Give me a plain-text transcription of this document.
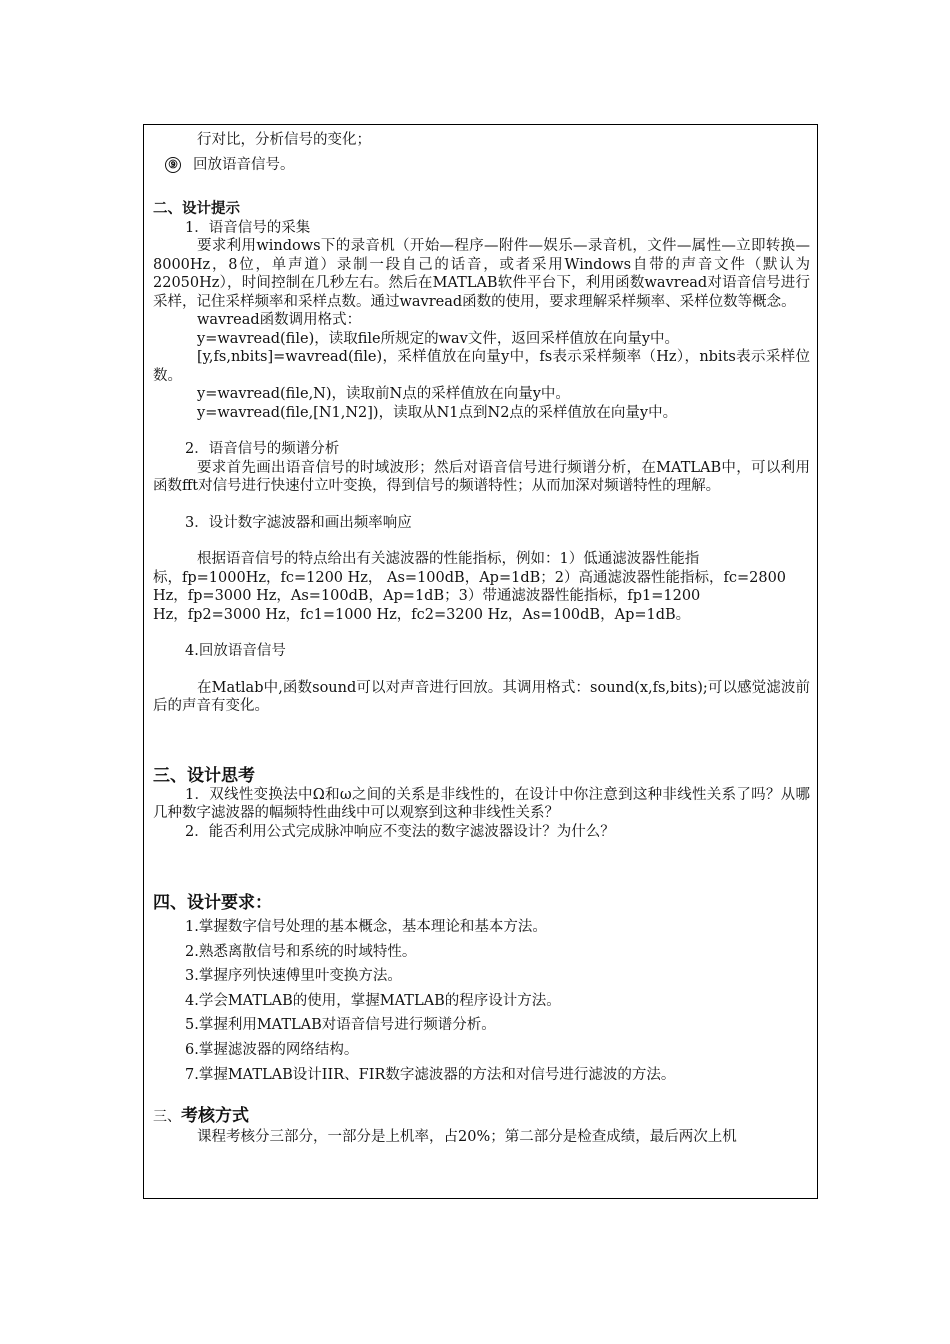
行对比，分析信号的变化；

⑨ 回放语音信号。

二、设计提示

1．语音信号的采集

要求利用windows下的录音机（开始—程序—附件—娱乐—录音机，文件—属性—立即转换—8000Hz，8位，单声道）录制一段自己的话音，或者采用Windows自带的声音文件（默认为22050Hz），时间控制在几秒左右。然后在MATLAB软件平台下，利用函数wavread对语音信号进行采样，记住采样频率和采样点数。通过wavread函数的使用，要求理解采样频率、采样位数等概念。

wavread函数调用格式：

y=wavread(file)，读取file所规定的wav文件，返回采样值放在向量y中。

[y,fs,nbits]=wavread(file)，采样值放在向量y中，fs表示采样频率（Hz），nbits表示采样位数。

y=wavread(file,N)，读取前N点的采样值放在向量y中。

y=wavread(file,[N1,N2])，读取从N1点到N2点的采样值放在向量y中。

2．语音信号的频谱分析

要求首先画出语音信号的时域波形；然后对语音信号进行频谱分析，在MATLAB中，可以利用函数fft对信号进行快速付立叶变换，得到信号的频谱特性；从而加深对频谱特性的理解。

3．设计数字滤波器和画出频率响应

根据语音信号的特点给出有关滤波器的性能指标，例如：1）低通滤波器性能指

标，fp=1000Hz，fc=1200 Hz， As=100dB，Ap=1dB；2）高通滤波器性能指标，fc=2800

Hz，fp=3000 Hz，As=100dB，Ap=1dB；3）带通滤波器性能指标，fp1=1200

Hz，fp2=3000 Hz，fc1=1000 Hz，fc2=3200 Hz，As=100dB，Ap=1dB。

4.回放语音信号

在Matlab中,函数sound可以对声音进行回放。其调用格式：sound(x,fs,bits);可以感觉滤波前后的声音有变化。

三、设计思考

1．双线性变换法中Ω和ω之间的关系是非线性的，在设计中你注意到这种非线性关系了吗？从哪几种数字滤波器的幅频特性曲线中可以观察到这种非线性关系？

2．能否利用公式完成脉冲响应不变法的数字滤波器设计？为什么？

四、设计要求：

1.掌握数字信号处理的基本概念，基本理论和基本方法。

2.熟悉离散信号和系统的时域特性。

3.掌握序列快速傅里叶变换方法。

4.学会MATLAB的使用，掌握MATLAB的程序设计方法。

5.掌握利用MATLAB对语音信号进行频谱分析。

6.掌握滤波器的网络结构。

7.掌握MATLAB设计IIR、FIR数字滤波器的方法和对信号进行滤波的方法。

三、考核方式

课程考核分三部分，一部分是上机率，占20%；第二部分是检查成绩，最后两次上机
